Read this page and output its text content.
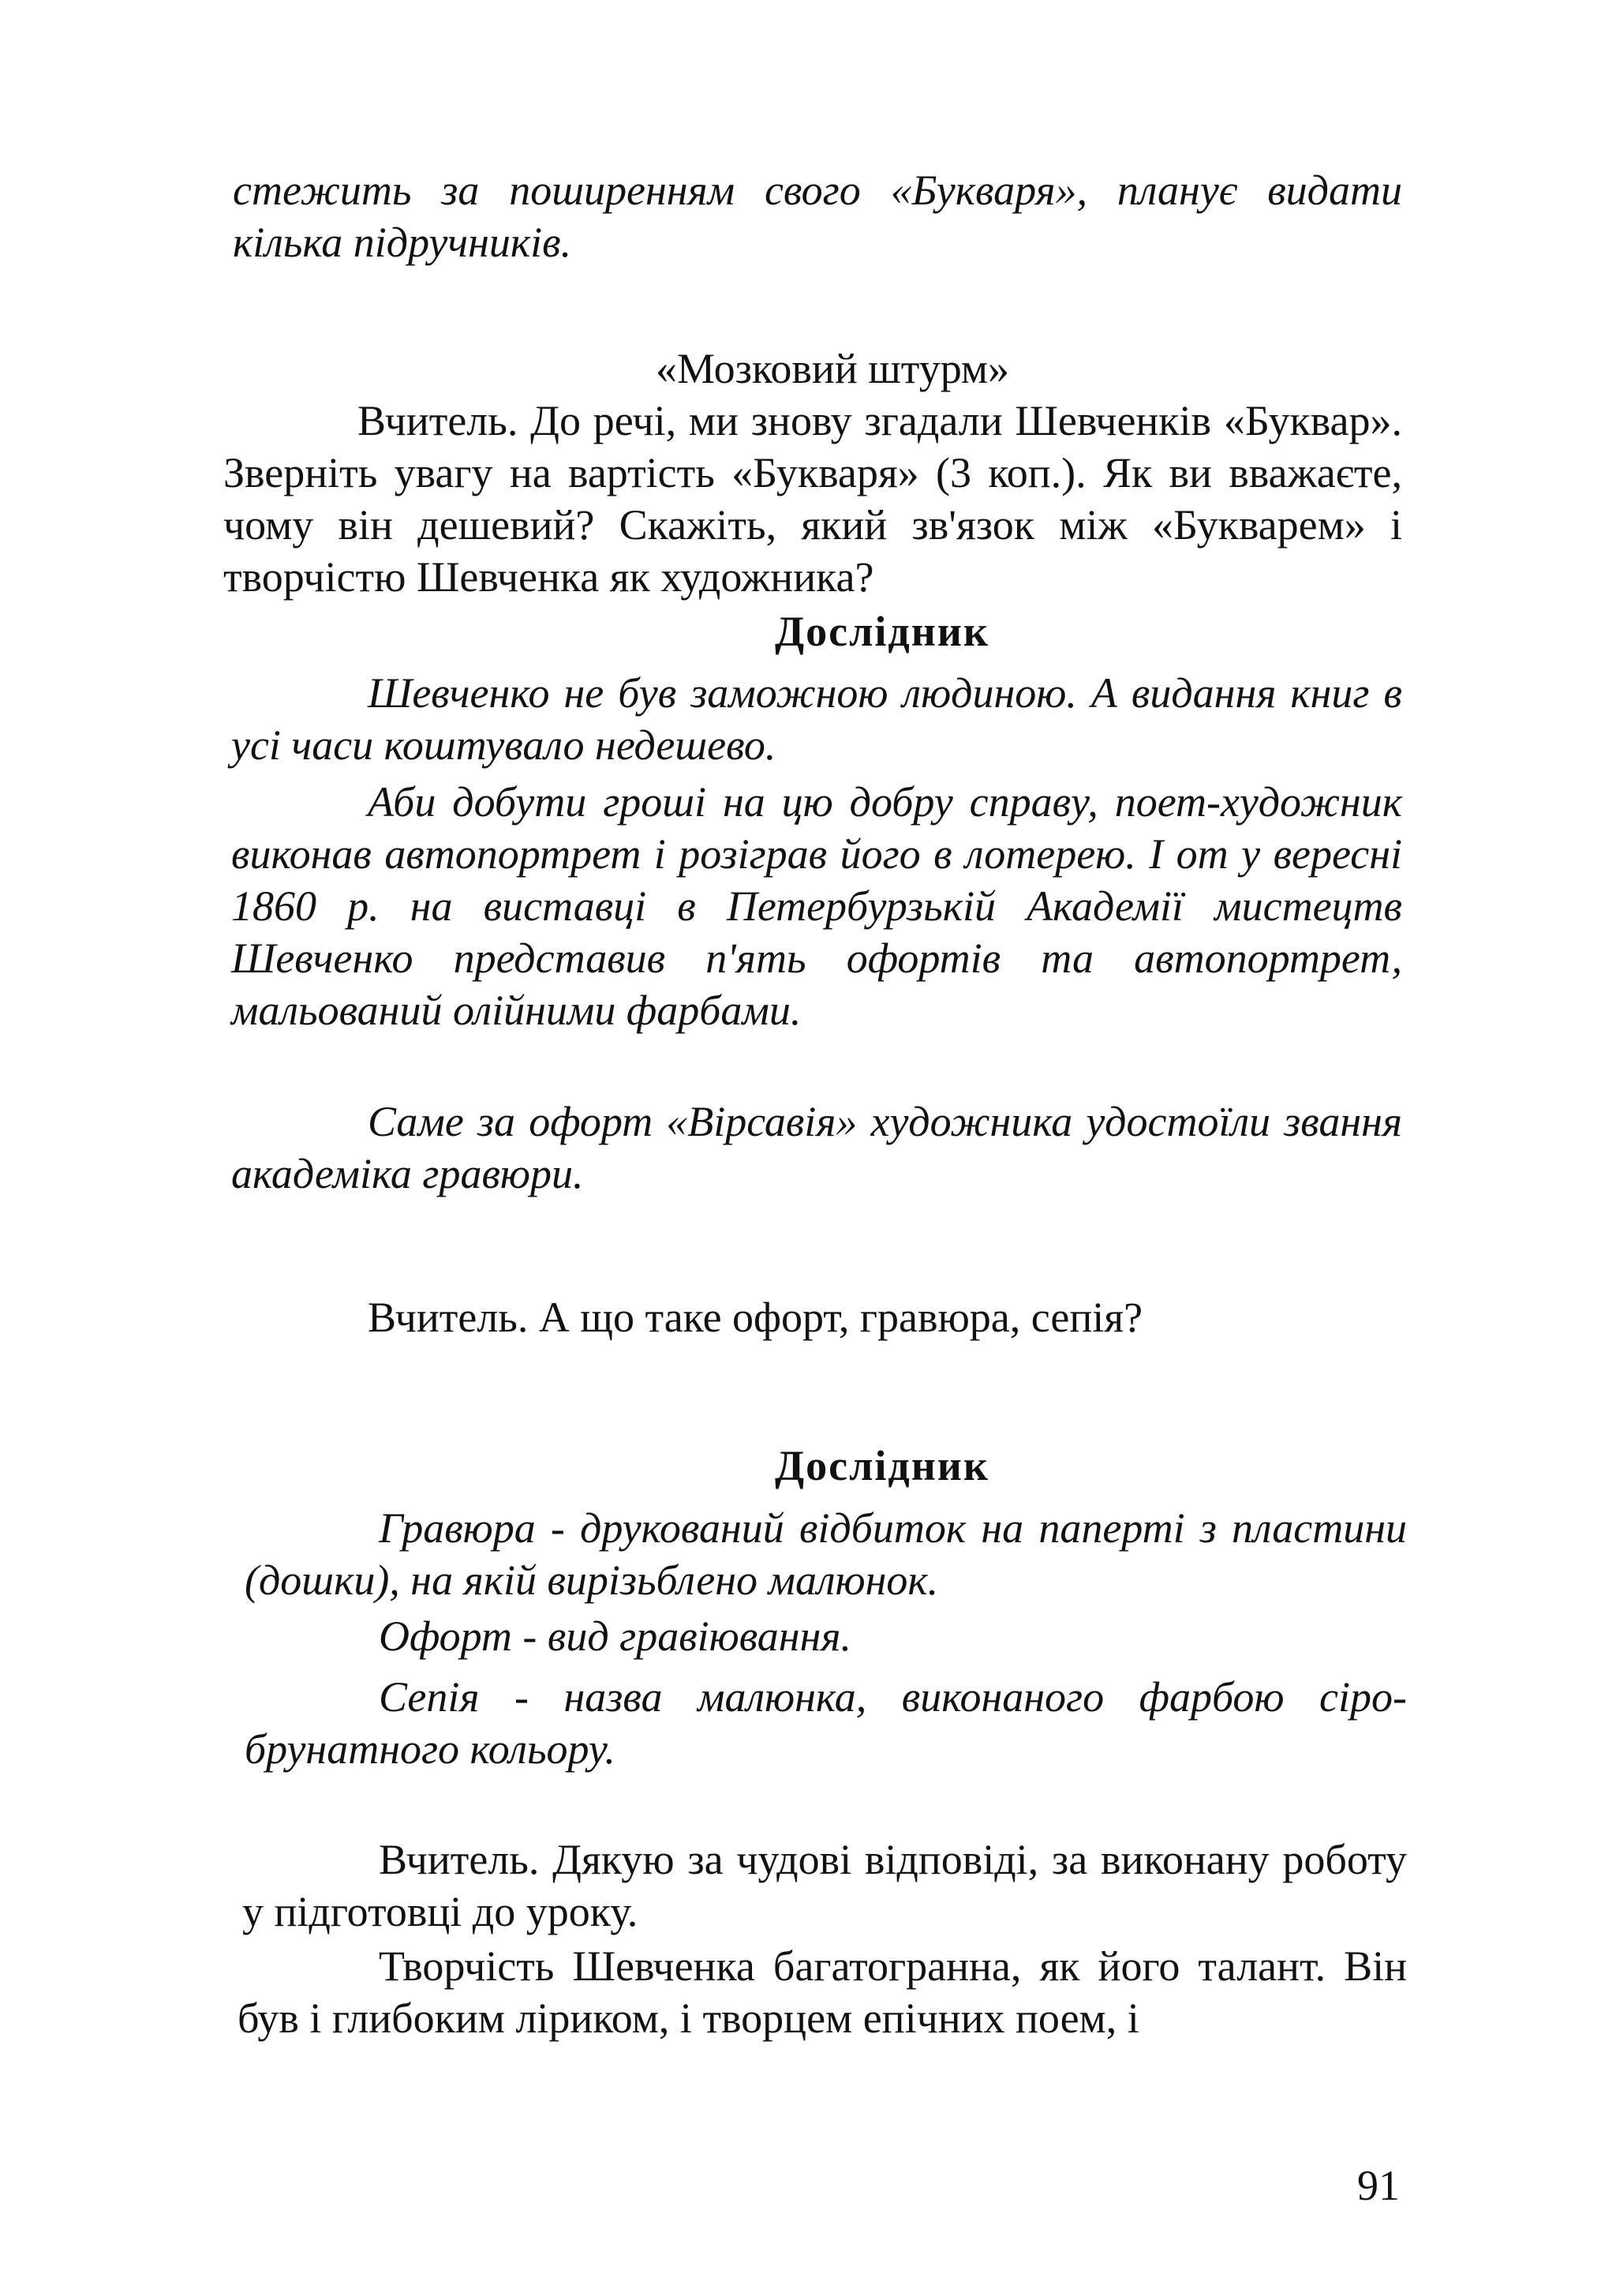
стежить за поширенням свого «Букваря», планує видати кілька підручників.

«Мозковий штурм»

Вчитель. До речі, ми знову згадали Шевченків «Буквар». Зверніть увагу на вартість «Букваря» (3 коп.). Як ви вважаєте, чому він дешевий? Скажіть, який зв'язок між «Букварем» і творчістю Шевченка як художника?

Дослідник

Шевченко не був заможною людиною. А видання книг в усі часи коштувало недешево.

Аби добути гроші на цю добру справу, поет-художник виконав автопортрет і розіграв його в лотерею. І от у вересні 1860 р. на виставці в Петербурзькій Академії мистецтв Шевченко представив п'ять офортів та автопортрет, мальований олійними фарбами.

Саме за офорт «Вірсавія» художника удостоїли звання академіка гравюри.

Вчитель. А що таке офорт, гравюра, сепія?

Дослідник

Гравюра - друкований відбиток на паперті з пластини (дошки), на якій вирізьблено малюнок.

Офорт - вид гравіювання.

Сепія - назва малюнка, виконаного фарбою сіро-брунатного кольору.

Вчитель. Дякую за чудові відповіді, за виконану роботу у підготовці до уроку.

Творчість Шевченка багатогранна, як його талант. Він був і глибоким ліриком, і творцем епічних поем, і

91
